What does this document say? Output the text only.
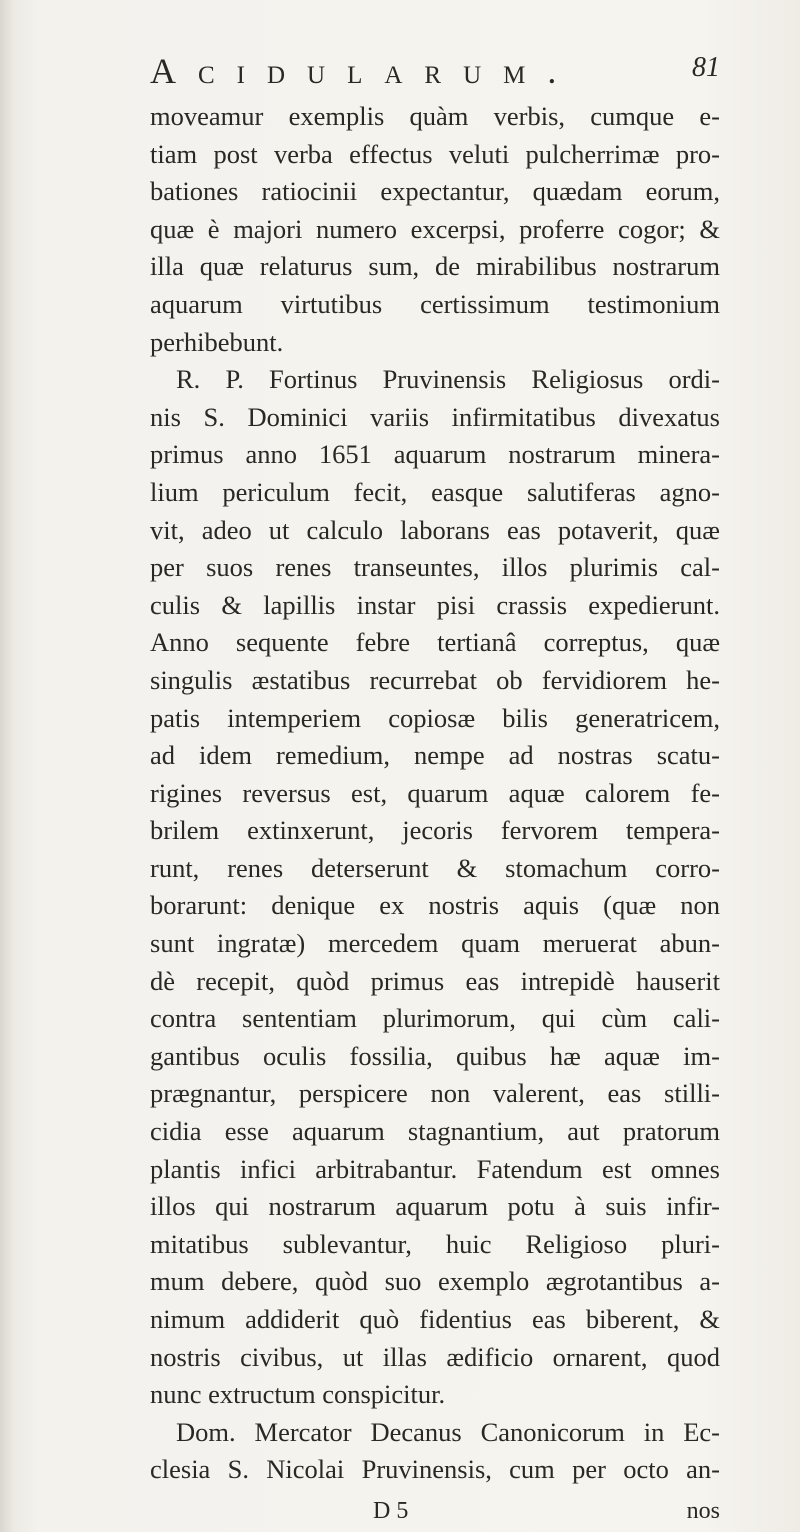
Acidularum.	81
moveamur exemplis quàm verbis, cumque e-
tiam post verba effectus veluti pulcherrimæ pro-
bationes ratiocinii expectantur, quædam eorum,
quæ è majori numero excerpsi, proferre cogor; &
illa quæ relaturus sum, de mirabilibus nostrarum
aquarum virtutibus certissimum testimonium
perhibebunt.
R. P. Fortinus Pruvinensis Religiosus ordi-
nis S. Dominici variis infirmitatibus divexatus
primus anno 1651 aquarum nostrarum minera-
lium periculum fecit, easque salutiferas agno-
vit, adeo ut calculo laborans eas potaverit, quæ
per suos renes transeuntes, illos plurimis cal-
culis & lapillis instar pisi crassis expedierunt.
Anno sequente febre tertianâ correptus, quæ
singulis æstatibus recurrebat ob fervidiorem he-
patis intemperiem copiosæ bilis generatricem,
ad idem remedium, nempe ad nostras scatu-
rigines reversus est, quarum aquæ calorem fe-
brilem extinxerunt, jecoris fervorem tempera-
runt, renes deterserunt & stomachum corro-
borarunt: denique ex nostris aquis (quæ non
sunt ingratæ) mercedem quam meruerat abun-
dè recepit, quòd primus eas intrepidè hauserit
contra sententiam plurimorum, qui cùm cali-
gantibus oculis fossilia, quibus hæ aquæ im-
prægnantur, perspicere non valerent, eas stilli-
cidia esse aquarum stagnantium, aut pratorum
plantis infici arbitrabantur. Fatendum est omnes
illos qui nostrarum aquarum potu à suis infir-
mitatibus sublevantur, huic Religioso pluri-
mum debere, quòd suo exemplo ægrotantibus a-
nimum addiderit quò fidentius eas biberent, &
nostris civibus, ut illas ædificio ornarent, quod
nunc extructum conspicitur.
Dom. Mercator Decanus Canonicorum in Ec-
clesia S. Nicolai Pruvinensis, cum per octo an-
D 5	nos
